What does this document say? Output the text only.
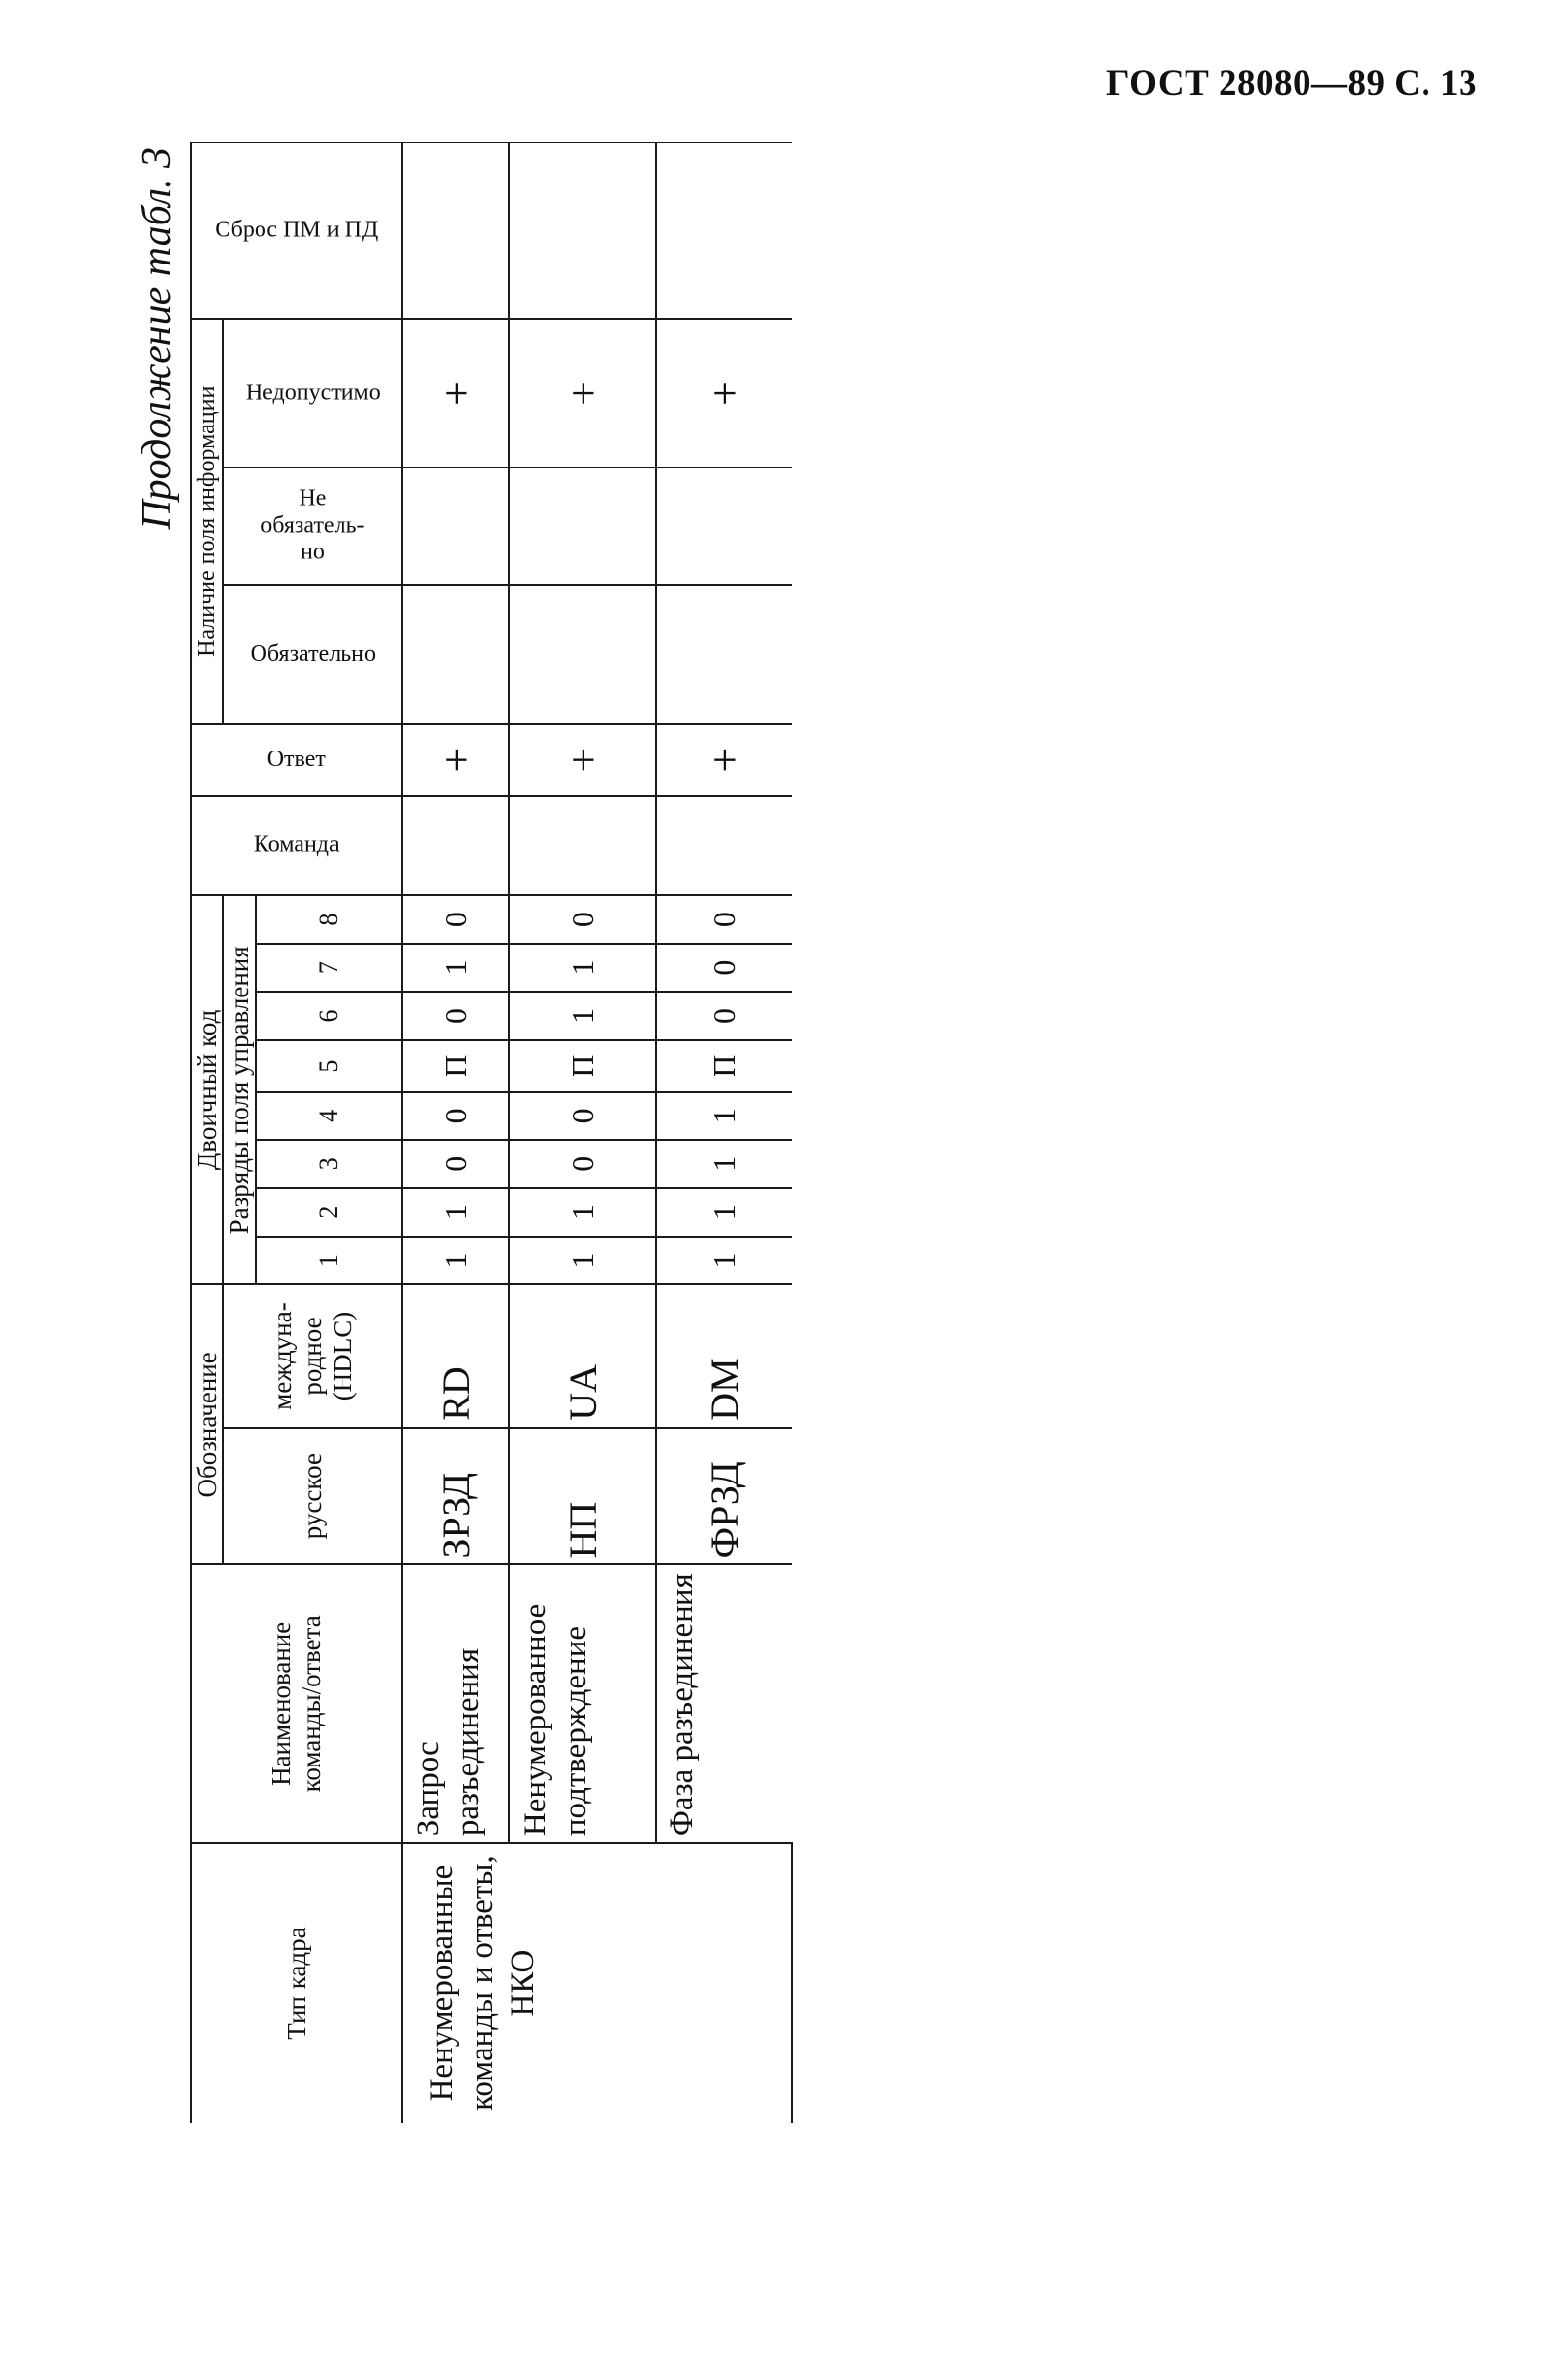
ГОСТ 28080—89 С. 13
Продолжение табл. 3
Тип кадра	Наименование команды/ответа	Обозначение		Двоичный код								Команда	Ответ	Наличие поля информации			Сброс ПМ и ПД
		русское	междуна-родное (HDLC)	Разряды поля управления										Обязательно	Не обязатель-но	Недопустимо	
				1	2	3	4	5	6	7	8						
Ненумерованные команды и ответы, НКО	Запрос разъединения	ЗРЗД	RD	1	1	0	0	П	0	1	0		+			+	
	Ненумерованное подтверждение	НП	UA	1	1	0	0	П	1	1	0		+			+	
	Фаза разъединения	ФРЗД	DM	1	1	1	1	П	0	0	0		+			+	
